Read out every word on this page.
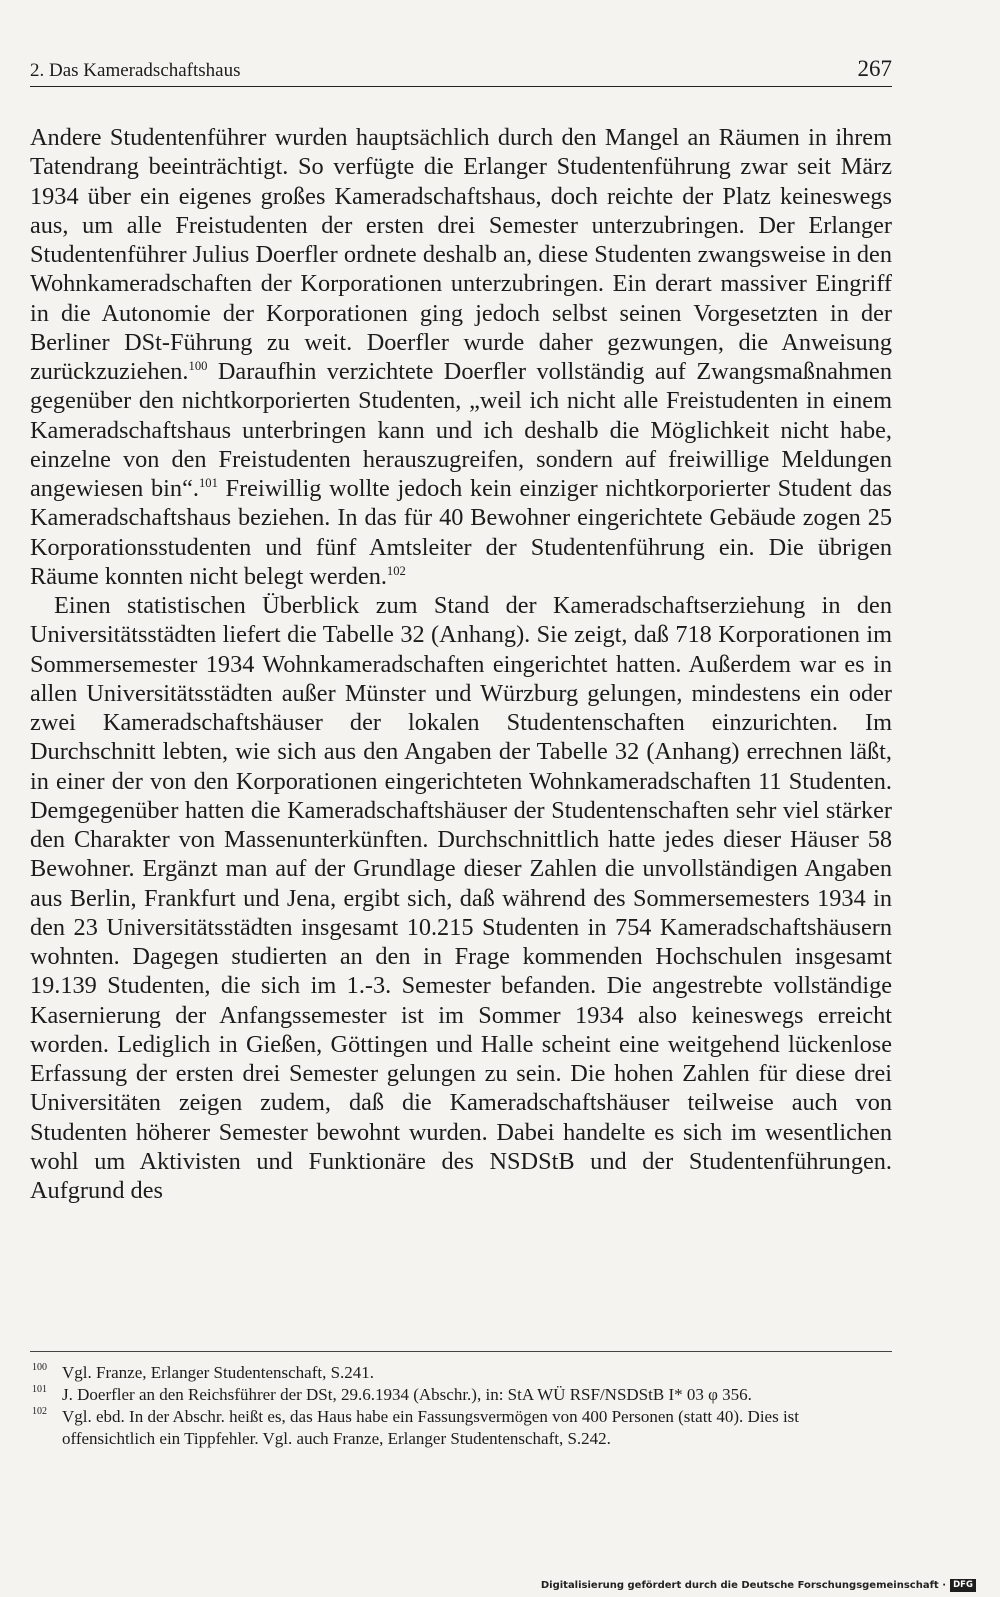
2. Das Kameradschaftshaus	267

Andere Studentenführer wurden hauptsächlich durch den Mangel an Räumen in ihrem Tatendrang beeinträchtigt. So verfügte die Erlanger Studentenführung zwar seit März 1934 über ein eigenes großes Kameradschaftshaus, doch reichte der Platz keineswegs aus, um alle Freistudenten der ersten drei Semester unterzubringen. Der Erlanger Studentenführer Julius Doerfler ordnete deshalb an, diese Studenten zwangsweise in den Wohnkameradschaften der Korporationen unterzubringen. Ein derart massiver Eingriff in die Autonomie der Korporationen ging jedoch selbst seinen Vorgesetzten in der Berliner DSt-Führung zu weit. Doerfler wurde daher gezwungen, die Anweisung zurückzuziehen.$^{100}$ Daraufhin verzichtete Doerfler vollständig auf Zwangsmaßnahmen gegenüber den nichtkorporierten Studenten, „weil ich nicht alle Freistudenten in einem Kameradschaftshaus unterbringen kann und ich deshalb die Möglichkeit nicht habe, einzelne von den Freistudenten herauszugreifen, sondern auf freiwillige Meldungen angewiesen bin“.$^{101}$ Freiwillig wollte jedoch kein einziger nichtkorporierter Student das Kameradschaftshaus beziehen. In das für 40 Bewohner eingerichtete Gebäude zogen 25 Korporationsstudenten und fünf Amtsleiter der Studentenführung ein. Die übrigen Räume konnten nicht belegt werden.$^{102}$

Einen statistischen Überblick zum Stand der Kameradschaftserziehung in den Universitätsstädten liefert die Tabelle 32 (Anhang). Sie zeigt, daß 718 Korporationen im Sommersemester 1934 Wohnkameradschaften eingerichtet hatten. Außerdem war es in allen Universitätsstädten außer Münster und Würzburg gelungen, mindestens ein oder zwei Kameradschaftshäuser der lokalen Studentenschaften einzurichten. Im Durchschnitt lebten, wie sich aus den Angaben der Tabelle 32 (Anhang) errechnen läßt, in einer der von den Korporationen eingerichteten Wohnkameradschaften 11 Studenten. Demgegenüber hatten die Kameradschaftshäuser der Studentenschaften sehr viel stärker den Charakter von Massenunterkünften. Durchschnittlich hatte jedes dieser Häuser 58 Bewohner. Ergänzt man auf der Grundlage dieser Zahlen die unvollständigen Angaben aus Berlin, Frankfurt und Jena, ergibt sich, daß während des Sommersemesters 1934 in den 23 Universitätsstädten insgesamt 10.215 Studenten in 754 Kameradschaftshäusern wohnten. Dagegen studierten an den in Frage kommenden Hochschulen insgesamt 19.139 Studenten, die sich im 1.-3. Semester befanden. Die angestrebte vollständige Kasernierung der Anfangssemester ist im Sommer 1934 also keineswegs erreicht worden. Lediglich in Gießen, Göttingen und Halle scheint eine weitgehend lückenlose Erfassung der ersten drei Semester gelungen zu sein. Die hohen Zahlen für diese drei Universitäten zeigen zudem, daß die Kameradschaftshäuser teilweise auch von Studenten höherer Semester bewohnt wurden. Dabei handelte es sich im wesentlichen wohl um Aktivisten und Funktionäre des NSDStB und der Studentenführungen. Aufgrund des

100 Vgl. Franze, Erlanger Studentenschaft, S.241.
101 J. Doerfler an den Reichsführer der DSt, 29.6.1934 (Abschr.), in: StA WÜ RSF/NSDStB I* 03 φ 356.
102 Vgl. ebd. In der Abschr. heißt es, das Haus habe ein Fassungsvermögen von 400 Personen (statt 40). Dies ist offensichtlich ein Tippfehler. Vgl. auch Franze, Erlanger Studentenschaft, S.242.
Digitalisierung gefördert durch die Deutsche Forschungsgemeinschaft · DFG
